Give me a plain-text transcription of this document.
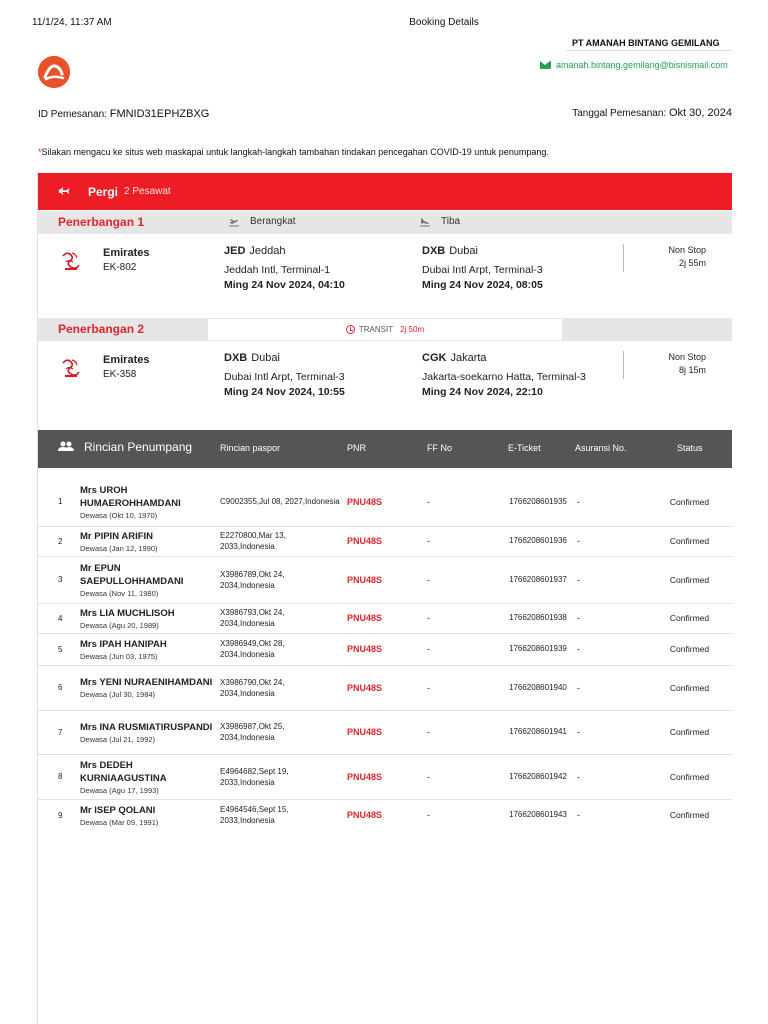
11/1/24, 11:37 AM	Booking Details
PT AMANAH BINTANG GEMILANG
amanah.bintang.gemilang@bisnismail.com
ID Pemesanan: FMNID31EPHZBXG	Tanggal Pemesanan: Okt 30, 2024
*Silakan mengacu ke situs web maskapai untuk langkah-langkah tambahan tindakan pencegahan COVID-19 untuk penumpang.
Pergi 2 Pesawat
Penerbangan 1	Berangkat	Tiba
Emirates
EK-802
JED Jeddah
Jeddah Intl, Terminal-1
Ming 24 Nov 2024, 04:10
DXB Dubai
Dubai Intl Arpt, Terminal-3
Ming 24 Nov 2024, 08:05
Non Stop
2j 55m
Penerbangan 2	TRANSIT 2j 50m
Emirates
EK-358
DXB Dubai
Dubai Intl Arpt, Terminal-3
Ming 24 Nov 2024, 10:55
CGK Jakarta
Jakarta-soekarno Hatta, Terminal-3
Ming 24 Nov 2024, 22:10
Non Stop
8j 15m
Rincian Penumpang	Rincian paspor	PNR	FF No	E-Ticket	Asuransi No.	Status
1	Mrs UROH HUMAEROHHAMDANI
Dewasa (Okt 10, 1970)	C9002355,Jul 08, 2027,Indonesia	PNU48S	-	1766208601935	-	Confirmed
2	Mr PIPIN ARIFIN
Dewasa (Jan 12, 1990)	E2270800,Mar 13, 2033,Indonesia	PNU48S	-	1766208601936	-	Confirmed
3	Mr EPUN SAEPULLOHHAMDANI
Dewasa (Nov 11, 1980)	X3986789,Okt 24, 2034,Indonesia	PNU48S	-	1766208601937	-	Confirmed
4	Mrs LIA MUCHLISOH
Dewasa (Agu 20, 1989)	X3986793,Okt 24, 2034,Indonesia	PNU48S	-	1766208601938	-	Confirmed
5	Mrs IPAH HANIPAH
Dewasa (Jun 03, 1975)	X3986949,Okt 28, 2034,Indonesia	PNU48S	-	1766208601939	-	Confirmed
6	Mrs YENI NURAENIHAMDANI
Dewasa (Jul 30, 1984)	X3986790,Okt 24, 2034,Indonesia	PNU48S	-	1766208601940	-	Confirmed
7	Mrs INA RUSMIATIRUSPANDI
Dewasa (Jul 21, 1992)	X3986987,Okt 25, 2034,Indonesia	PNU48S	-	1766208601941	-	Confirmed
8	Mrs DEDEH KURNIAAGUSTINA
Dewasa (Agu 17, 1993)	E4964682,Sept 19, 2033,Indonesia	PNU48S	-	1766208601942	-	Confirmed
9	Mr ISEP QOLANI
Dewasa (Mar 09, 1991)	E4964546,Sept 15, 2033,Indonesia	PNU48S	-	1766208601943	-	Confirmed
